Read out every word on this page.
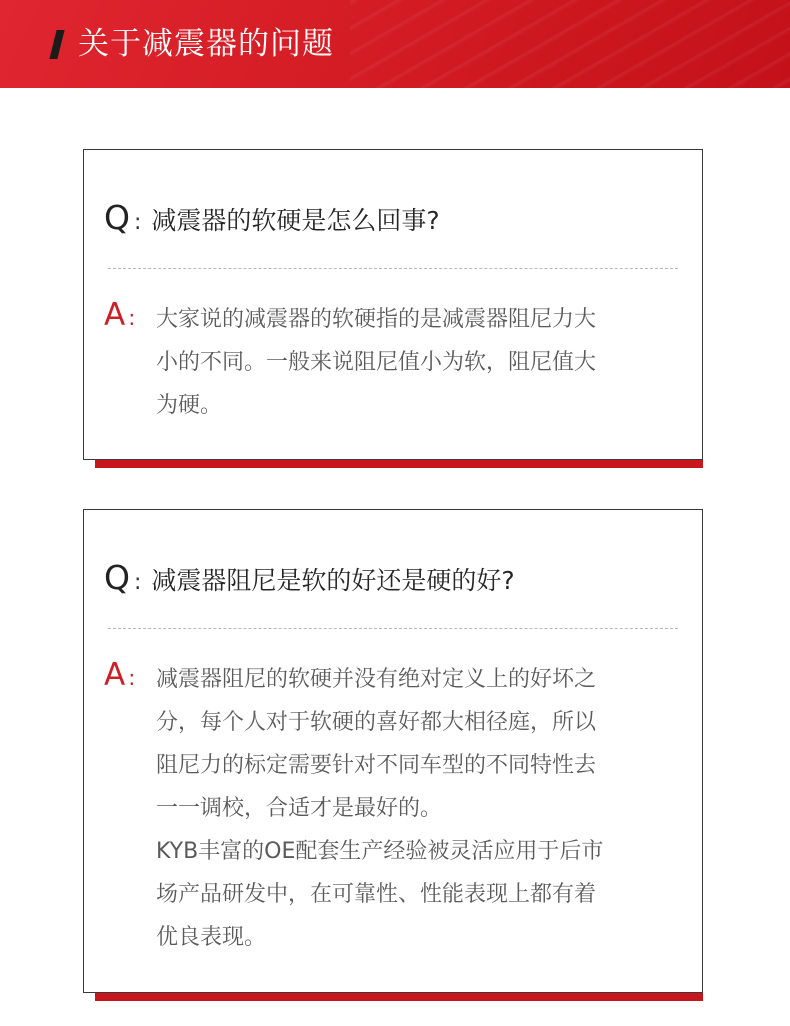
关于减震器的问题
Q : 减震器的软硬是怎么回事?
A : 大家说的减震器的软硬指的是减震器阻尼力大
小的不同。一般来说阻尼值小为软，阻尼值大
为硬。
Q : 减震器阻尼是软的好还是硬的好?
A : 减震器阻尼的软硬并没有绝对定义上的好坏之
分，每个人对于软硬的喜好都大相径庭，所以
阻尼力的标定需要针对不同车型的不同特性去
一一调校，合适才是最好的。
KYB丰富的OE配套生产经验被灵活应用于后市
场产品研发中，在可靠性、性能表现上都有着
优良表现。
